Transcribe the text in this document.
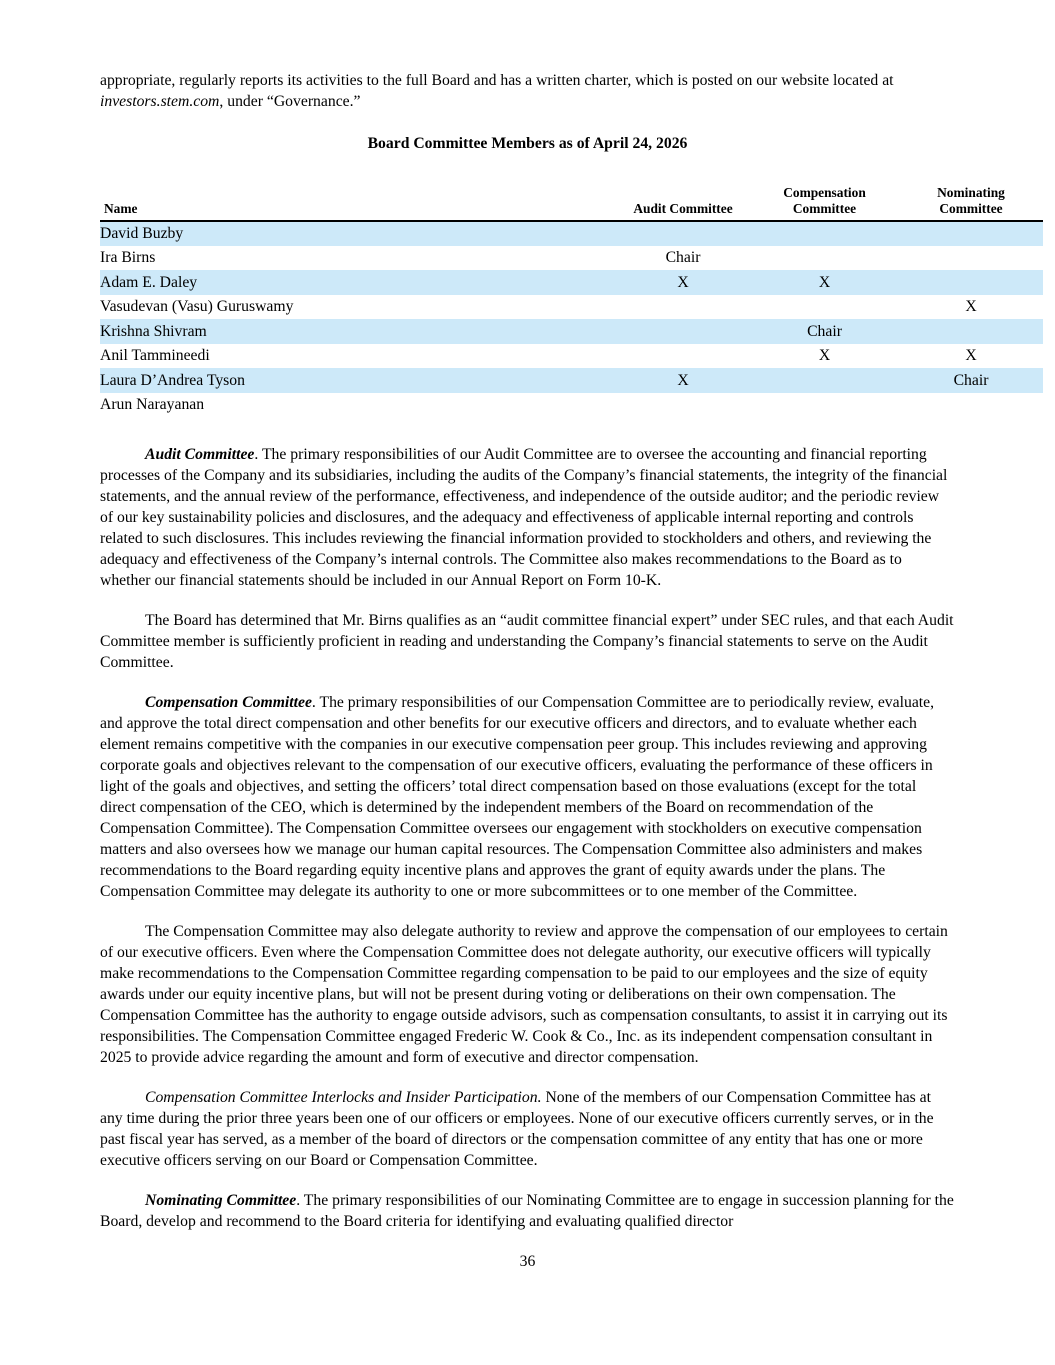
appropriate, regularly reports its activities to the full Board and has a written charter, which is posted on our website located at investors.stem.com, under “Governance.”

Board Committee Members as of April 24, 2026
Name	Audit Committee	Compensation Committee	Nominating Committee
David Buzby			
Ira Birns	Chair		
Adam E. Daley	X	X	
Vasudevan (Vasu) Guruswamy			X
Krishna Shivram		Chair	
Anil Tammineedi		X	X
Laura D’Andrea Tyson	X		Chair
Arun Narayanan			

Audit Committee. The primary responsibilities of our Audit Committee are to oversee the accounting and financial reporting processes of the Company and its subsidiaries, including the audits of the Company’s financial statements, the integrity of the financial statements, and the annual review of the performance, effectiveness, and independence of the outside auditor; and the periodic review of our key sustainability policies and disclosures, and the adequacy and effectiveness of applicable internal reporting and controls related to such disclosures. This includes reviewing the financial information provided to stockholders and others, and reviewing the adequacy and effectiveness of the Company’s internal controls. The Committee also makes recommendations to the Board as to whether our financial statements should be included in our Annual Report on Form 10-K.

The Board has determined that Mr. Birns qualifies as an “audit committee financial expert” under SEC rules, and that each Audit Committee member is sufficiently proficient in reading and understanding the Company’s financial statements to serve on the Audit Committee.

Compensation Committee. The primary responsibilities of our Compensation Committee are to periodically review, evaluate, and approve the total direct compensation and other benefits for our executive officers and directors, and to evaluate whether each element remains competitive with the companies in our executive compensation peer group. This includes reviewing and approving corporate goals and objectives relevant to the compensation of our executive officers, evaluating the performance of these officers in light of the goals and objectives, and setting the officers’ total direct compensation based on those evaluations (except for the total direct compensation of the CEO, which is determined by the independent members of the Board on recommendation of the Compensation Committee). The Compensation Committee oversees our engagement with stockholders on executive compensation matters and also oversees how we manage our human capital resources. The Compensation Committee also administers and makes recommendations to the Board regarding equity incentive plans and approves the grant of equity awards under the plans. The Compensation Committee may delegate its authority to one or more subcommittees or to one member of the Committee.

The Compensation Committee may also delegate authority to review and approve the compensation of our employees to certain of our executive officers. Even where the Compensation Committee does not delegate authority, our executive officers will typically make recommendations to the Compensation Committee regarding compensation to be paid to our employees and the size of equity awards under our equity incentive plans, but will not be present during voting or deliberations on their own compensation. The Compensation Committee has the authority to engage outside advisors, such as compensation consultants, to assist it in carrying out its responsibilities. The Compensation Committee engaged Frederic W. Cook & Co., Inc. as its independent compensation consultant in 2025 to provide advice regarding the amount and form of executive and director compensation.

Compensation Committee Interlocks and Insider Participation. None of the members of our Compensation Committee has at any time during the prior three years been one of our officers or employees. None of our executive officers currently serves, or in the past fiscal year has served, as a member of the board of directors or the compensation committee of any entity that has one or more executive officers serving on our Board or Compensation Committee.

Nominating Committee. The primary responsibilities of our Nominating Committee are to engage in succession planning for the Board, develop and recommend to the Board criteria for identifying and evaluating qualified director

36
